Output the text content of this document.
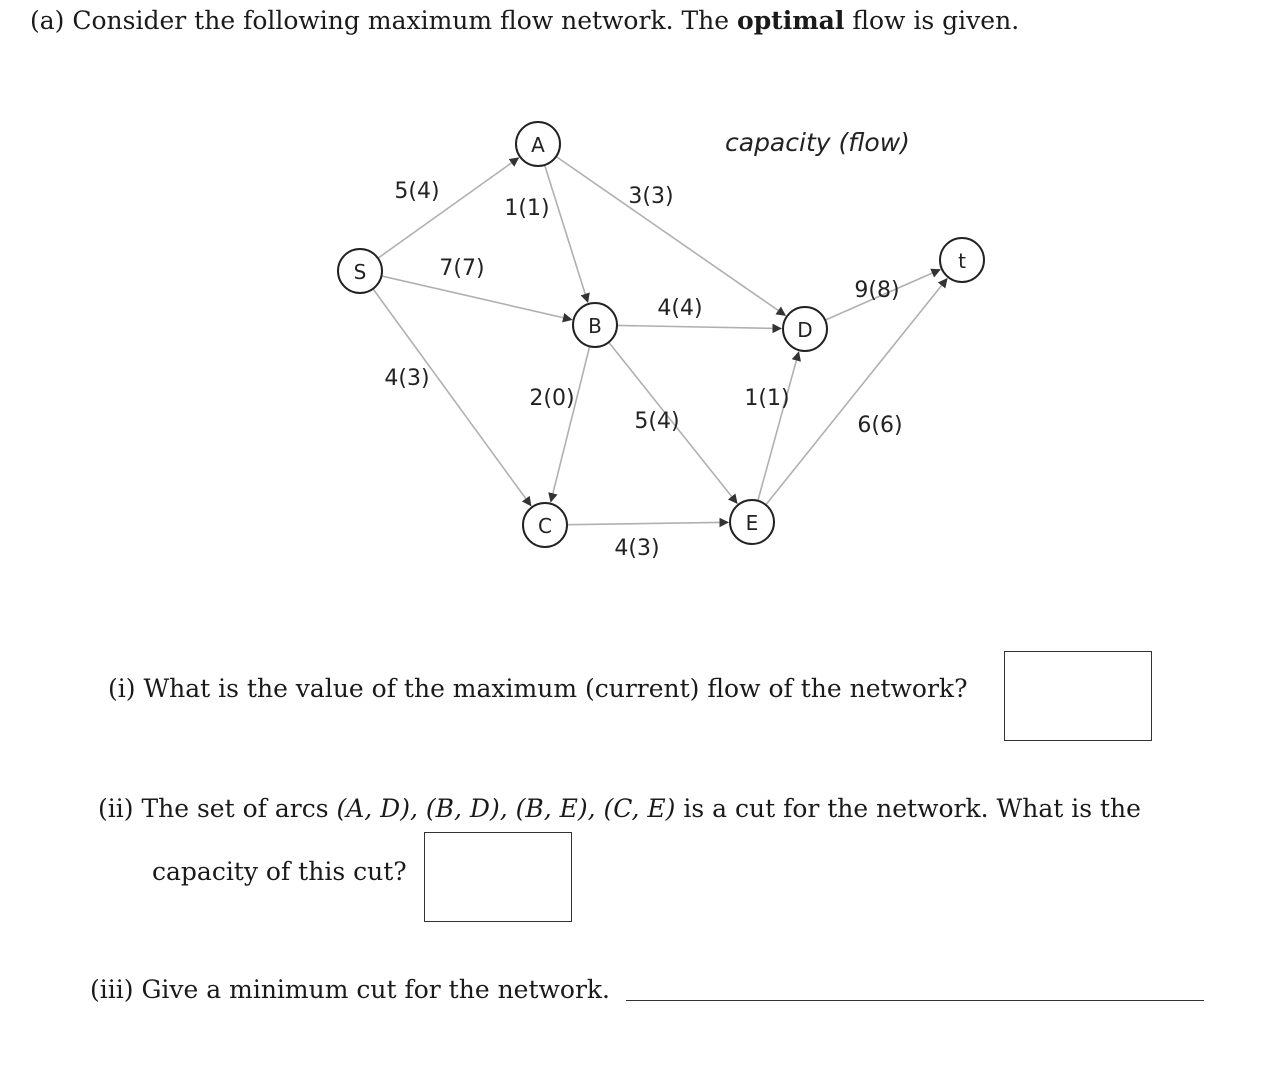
(a) Consider the following maximum flow network. The optimal flow is given.
5(4)
7(7)
4(3)
1(1)	3(3)
4(4)
2(0)
5(4)
4(3)
1(1)
9(8)
6(6)
S
A
B
C
D
E
t
capacity (flow)
(i) What is the value of the maximum (current) flow of the network?
(ii) The set of arcs (A, D), (B, D), (B, E), (C, E) is a cut for the network. What is the
capacity of this cut?
(iii) Give a minimum cut for the network.
